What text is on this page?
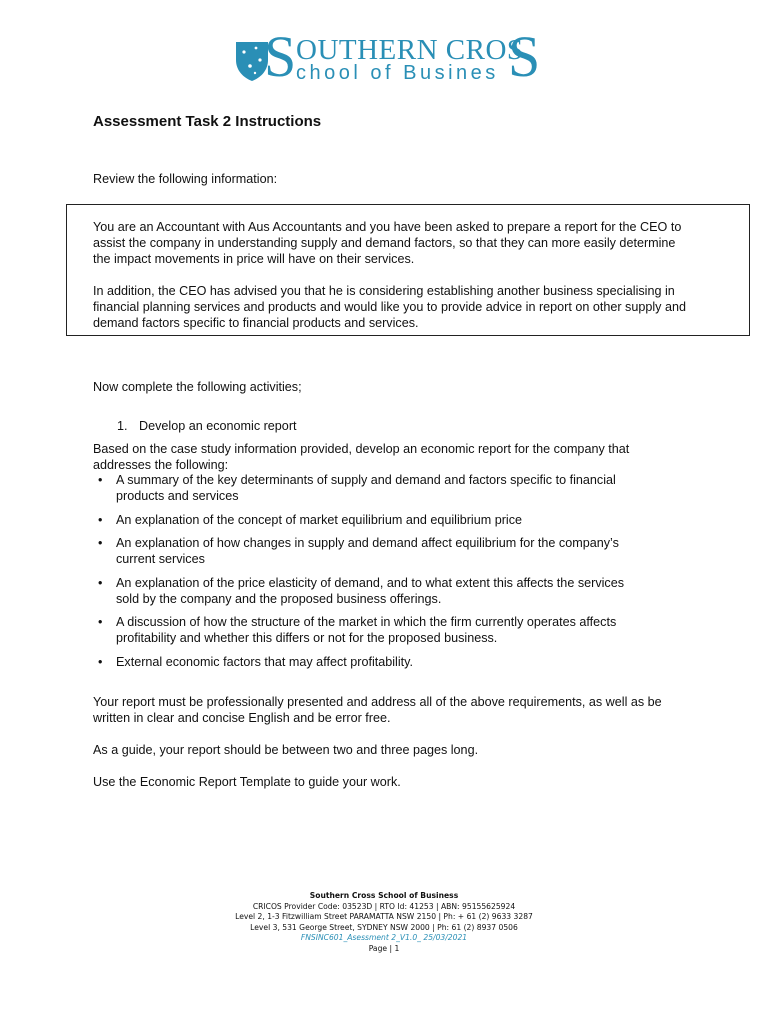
S OUTHERN CROS
chool of Busines S
Assessment Task 2 Instructions
Review the following information:
You are an Accountant with Aus Accountants and you have been asked to prepare a report for the CEO to assist the company in understanding supply and demand factors, so that they can more easily determine the impact movements in price will have on their services.
In addition, the CEO has advised you that he is considering establishing another business specialising in financial planning services and products and would like you to provide advice in report on other supply and demand factors specific to financial products and services.
Now complete the following activities;
1. Develop an economic report
Based on the case study information provided, develop an economic report for the company that addresses the following:
• A summary of the key determinants of supply and demand and factors specific to financial products and services
• An explanation of the concept of market equilibrium and equilibrium price
• An explanation of how changes in supply and demand affect equilibrium for the company’s current services
• An explanation of the price elasticity of demand, and to what extent this affects the services sold by the company and the proposed business offerings.
• A discussion of how the structure of the market in which the firm currently operates affects profitability and whether this differs or not for the proposed business.
• External economic factors that may affect profitability.
Your report must be professionally presented and address all of the above requirements, as well as be written in clear and concise English and be error free.
As a guide, your report should be between two and three pages long.
Use the Economic Report Template to guide your work.
Southern Cross School of Business
CRICOS Provider Code: 03523D | RTO Id: 41253 | ABN: 95155625924
Level 2, 1-3 Fitzwilliam Street PARAMATTA NSW 2150 | Ph: + 61 (2) 9633 3287
Level 3, 531 George Street, SYDNEY NSW 2000 | Ph: 61 (2) 8937 0506
FNSINC601_Asessment 2_V1.0_ 25/03/2021
Page | 1
